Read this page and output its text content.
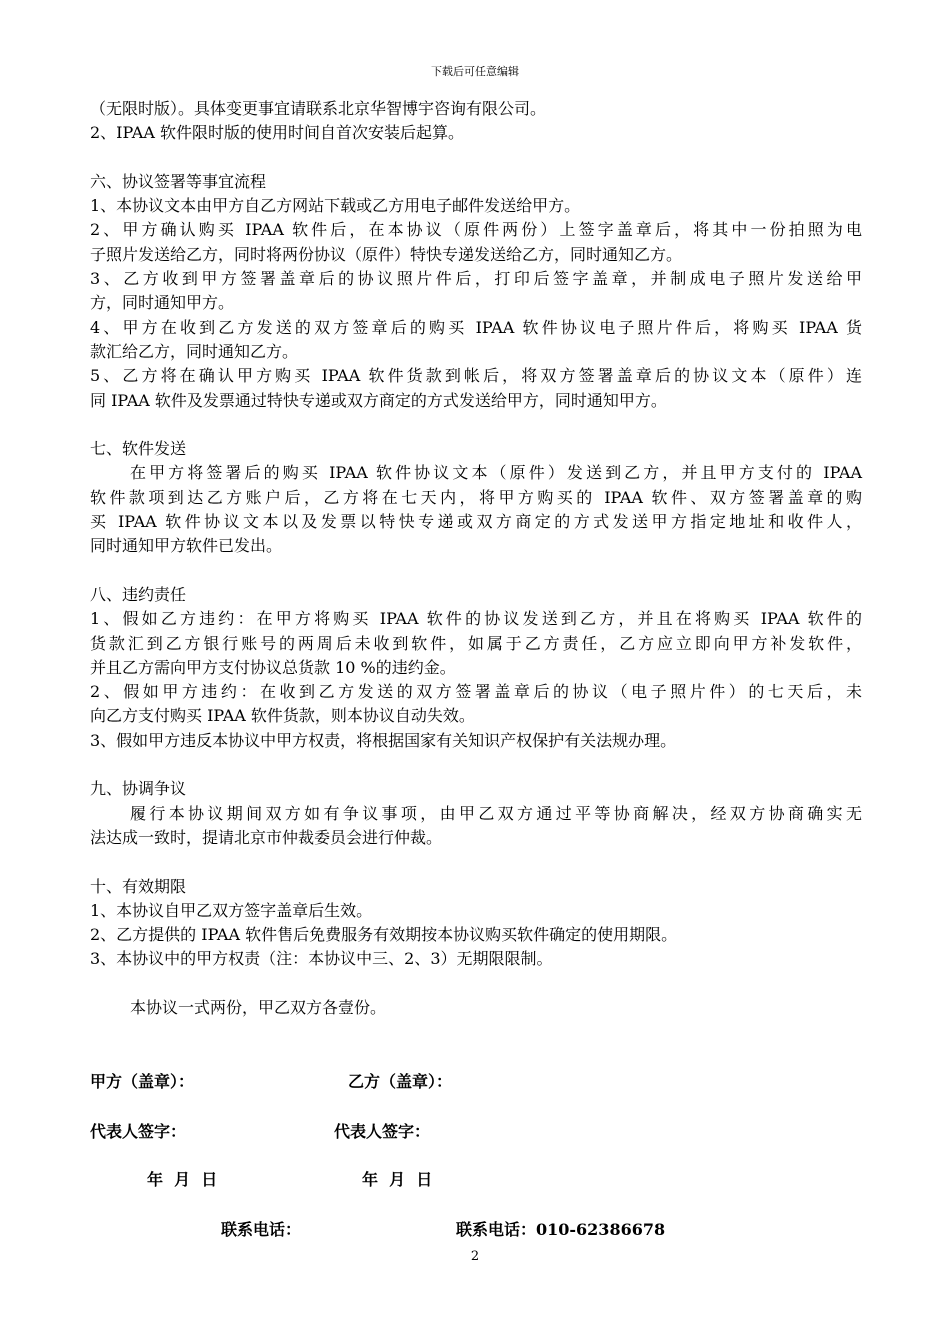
下载后可任意编辑
（无限时版）。具体变更事宜请联系北京华智博宇咨询有限公司。
2、IPAA 软件限时版的使用时间自首次安装后起算。
六、协议签署等事宜流程
1、本协议文本由甲方自乙方网站下载或乙方用电子邮件发送给甲方。
2、甲方确认购买 IPAA 软件后，在本协议（原件两份）上签字盖章后，将其中一份拍照为电
子照片发送给乙方，同时将两份协议（原件）特快专递发送给乙方，同时通知乙方。
3、乙方收到甲方签署盖章后的协议照片件后，打印后签字盖章，并制成电子照片发送给甲
方，同时通知甲方。
4、甲方在收到乙方发送的双方签章后的购买 IPAA 软件协议电子照片件后，将购买 IPAA 货
款汇给乙方，同时通知乙方。
5、乙方将在确认甲方购买 IPAA 软件货款到帐后，将双方签署盖章后的协议文本（原件）连
同 IPAA 软件及发票通过特快专递或双方商定的方式发送给甲方，同时通知甲方。
七、软件发送
在甲方将签署后的购买 IPAA 软件协议文本（原件）发送到乙方，并且甲方支付的 IPAA
软件款项到达乙方账户后，乙方将在七天内，将甲方购买的 IPAA 软件、双方签署盖章的购
买 IPAA 软件协议文本以及发票以特快专递或双方商定的方式发送甲方指定地址和收件人，
同时通知甲方软件已发出。
八、违约责任
1、假如乙方违约：在甲方将购买 IPAA 软件的协议发送到乙方，并且在将购买 IPAA 软件的
货款汇到乙方银行账号的两周后未收到软件，如属于乙方责任，乙方应立即向甲方补发软件，
并且乙方需向甲方支付协议总货款 10 %的违约金。
2、假如甲方违约：在收到乙方发送的双方签署盖章后的协议（电子照片件）的七天后，未
向乙方支付购买 IPAA 软件货款，则本协议自动失效。
3、假如甲方违反本协议中甲方权责，将根据国家有关知识产权保护有关法规办理。
九、协调争议
履行本协议期间双方如有争议事项，由甲乙双方通过平等协商解决，经双方协商确实无
法达成一致时，提请北京市仲裁委员会进行仲裁。
十、有效期限
1、本协议自甲乙双方签字盖章后生效。
2、乙方提供的 IPAA 软件售后免费服务有效期按本协议购买软件确定的使用期限。
3、本协议中的甲方权责（注：本协议中三、2、3）无期限限制。
本协议一式两份，甲乙双方各壹份。
甲方（盖章）：	乙方（盖章）：
代表人签字：	代表人签字：
年  月  日	年  月  日
联系电话：	联系电话：010-62386678
2
